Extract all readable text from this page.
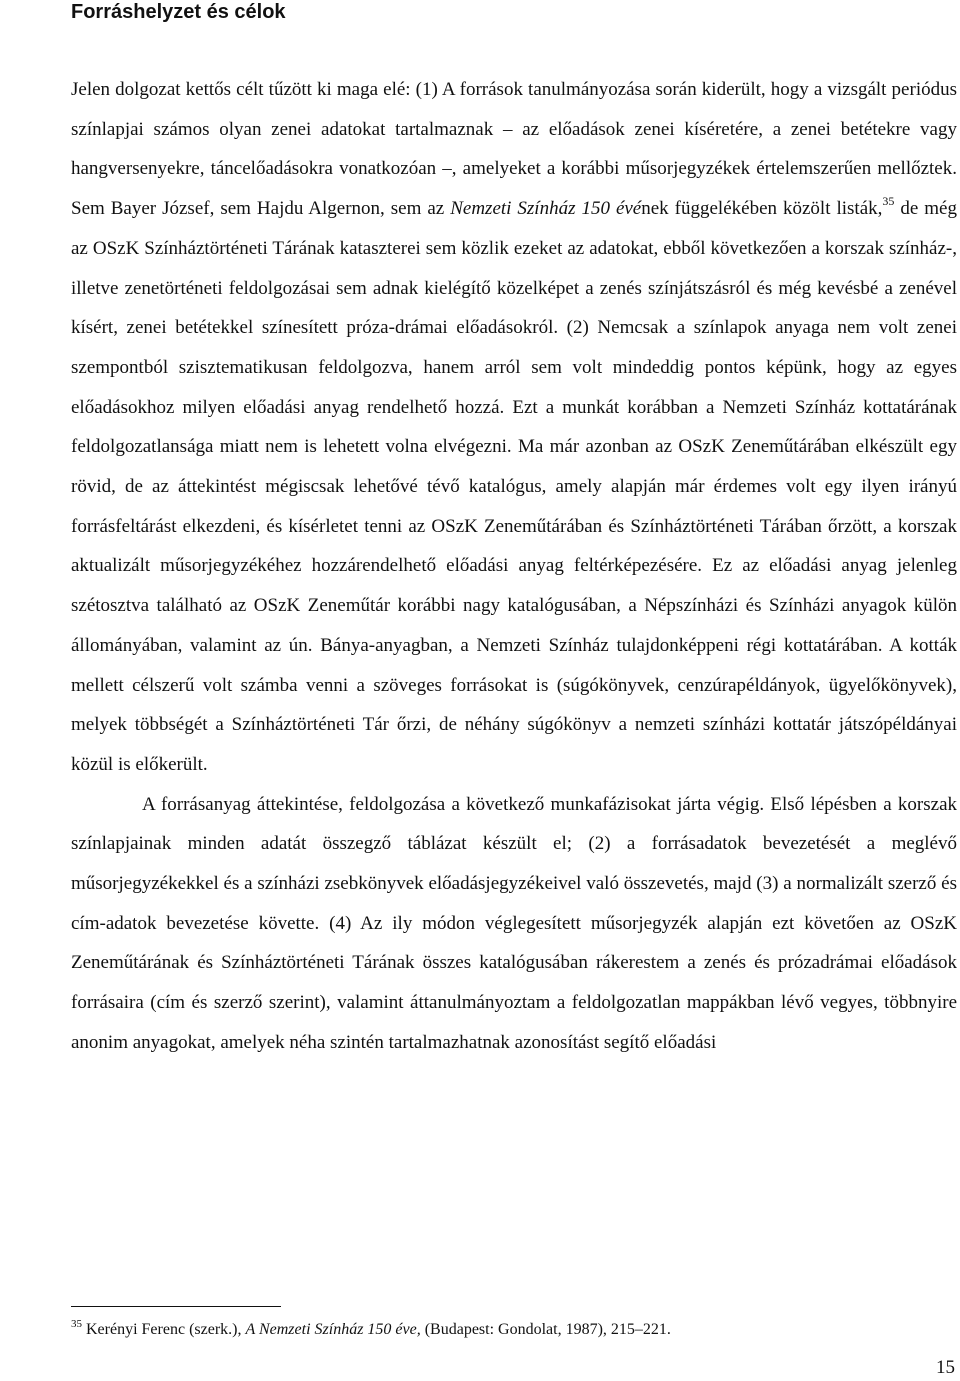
Forráshelyzet és célok

Jelen dolgozat kettős célt tűzött ki maga elé: (1) A források tanulmányozása során kiderült, hogy a vizsgált periódus színlapjai számos olyan zenei adatokat tartalmaznak – az előadások zenei kíséretére, a zenei betétekre vagy hangversenyekre, táncelőadásokra vonatkozóan –, amelyeket a korábbi műsorjegyzékek értelemszerűen mellőztek. Sem Bayer József, sem Hajdu Algernon, sem az Nemzeti Színház 150 évének függelékében közölt listák,$^{35}$ de még az OSzK Színháztörténeti Tárának kataszterei sem közlik ezeket az adatokat, ebből következően a korszak színház-, illetve zenetörténeti feldolgozásai sem adnak kielégítő közelképet a zenés színjátszásról és még kevésbé a zenével kísért, zenei betétekkel színesített próza-drámai előadásokról. (2) Nemcsak a színlapok anyaga nem volt zenei szempontból szisztematikusan feldolgozva, hanem arról sem volt mindeddig pontos képünk, hogy az egyes előadásokhoz milyen előadási anyag rendelhető hozzá. Ezt a munkát korábban a Nemzeti Színház kottatárának feldolgozatlansága miatt nem is lehetett volna elvégezni. Ma már azonban az OSzK Zeneműtárában elkészült egy rövid, de az áttekintést mégiscsak lehetővé tévő katalógus, amely alapján már érdemes volt egy ilyen irányú forrásfeltárást elkezdeni, és kísérletet tenni az OSzK Zeneműtárában és Színháztörténeti Tárában őrzött, a korszak aktualizált műsorjegyzékéhez hozzárendelhető előadási anyag feltérképezésére. Ez az előadási anyag jelenleg szétosztva található az OSzK Zeneműtár korábbi nagy katalógusában, a Népszínházi és Színházi anyagok külön állományában, valamint az ún. Bánya-anyagban, a Nemzeti Színház tulajdonképpeni régi kottatárában. A kották mellett célszerű volt számba venni a szöveges forrásokat is (súgókönyvek, cenzúrapéldányok, ügyelőkönyvek), melyek többségét a Színháztörténeti Tár őrzi, de néhány súgókönyv a nemzeti színházi kottatár játszópéldányai közül is előkerült.

A forrásanyag áttekintése, feldolgozása a következő munkafázisokat járta végig. Első lépésben a korszak színlapjainak minden adatát összegző táblázat készült el; (2) a forrásadatok bevezetését a meglévő műsorjegyzékekkel és a színházi zsebkönyvek előadásjegyzékeivel való összevetés, majd (3) a normalizált szerző és cím-adatok bevezetése követte. (4) Az ily módon véglegesített műsorjegyzék alapján ezt követően az OSzK Zeneműtárának és Színháztörténeti Tárának összes katalógusában rákerestem a zenés és prózadrámai előadások forrásaira (cím és szerző szerint), valamint áttanulmányoztam a feldolgozatlan mappákban lévő vegyes, többnyire anonim anyagokat, amelyek néha szintén tartalmazhatnak azonosítást segítő előadási

$^{35}$ Kerényi Ferenc (szerk.), A Nemzeti Színház 150 éve, (Budapest: Gondolat, 1987), 215–221.

15
